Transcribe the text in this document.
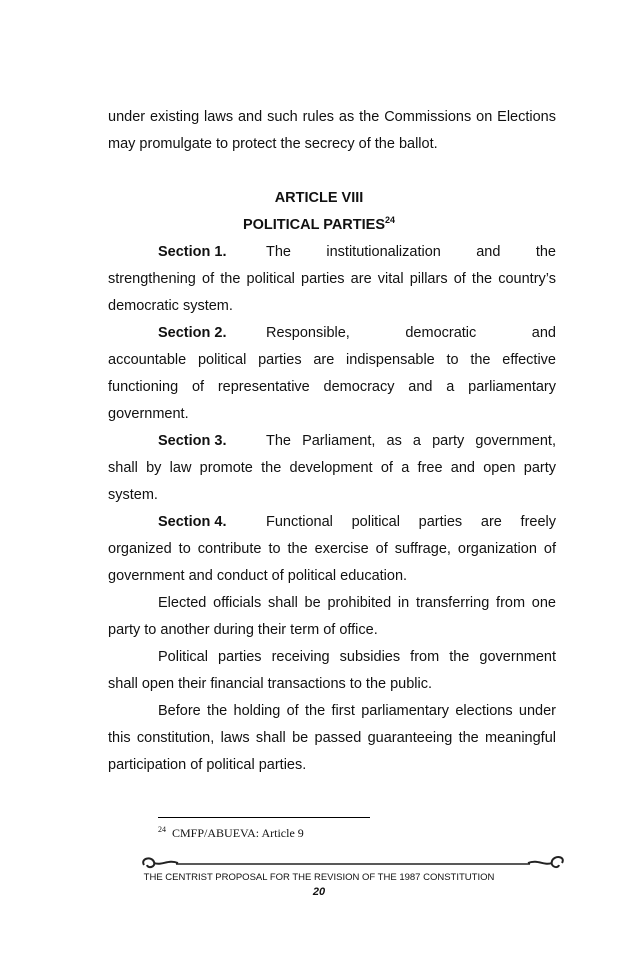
under existing laws and such rules as the Commissions on Elections
may promulgate to protect the secrecy of the ballot.
ARTICLE VIII
POLITICAL PARTIES$^{24}$
Section 1.	The institutionalization and the
strengthening of the political parties are vital pillars of the country’s
democratic system.
Section 2.	Responsible, democratic and
accountable political parties are indispensable to the effective
functioning of representative democracy and a parliamentary
government.
Section 3.	The Parliament, as a party government,
shall by law promote the development of a free and open party
system.
Section 4.	Functional political parties are freely
organized to contribute to the exercise of suffrage, organization of
government and conduct of political education.
Elected officials shall be prohibited in transferring from one
party to another during their term of office.
Political parties receiving subsidies from the government
shall open their financial transactions to the public.
Before the holding of the first parliamentary elections under
this constitution, laws shall be passed guaranteeing the meaningful
participation of political parties.
$^{24}$ CMFP/ABUEVA: Article 9
THE CENTRIST PROPOSAL FOR THE REVISION OF THE 1987 CONSTITUTION
20
